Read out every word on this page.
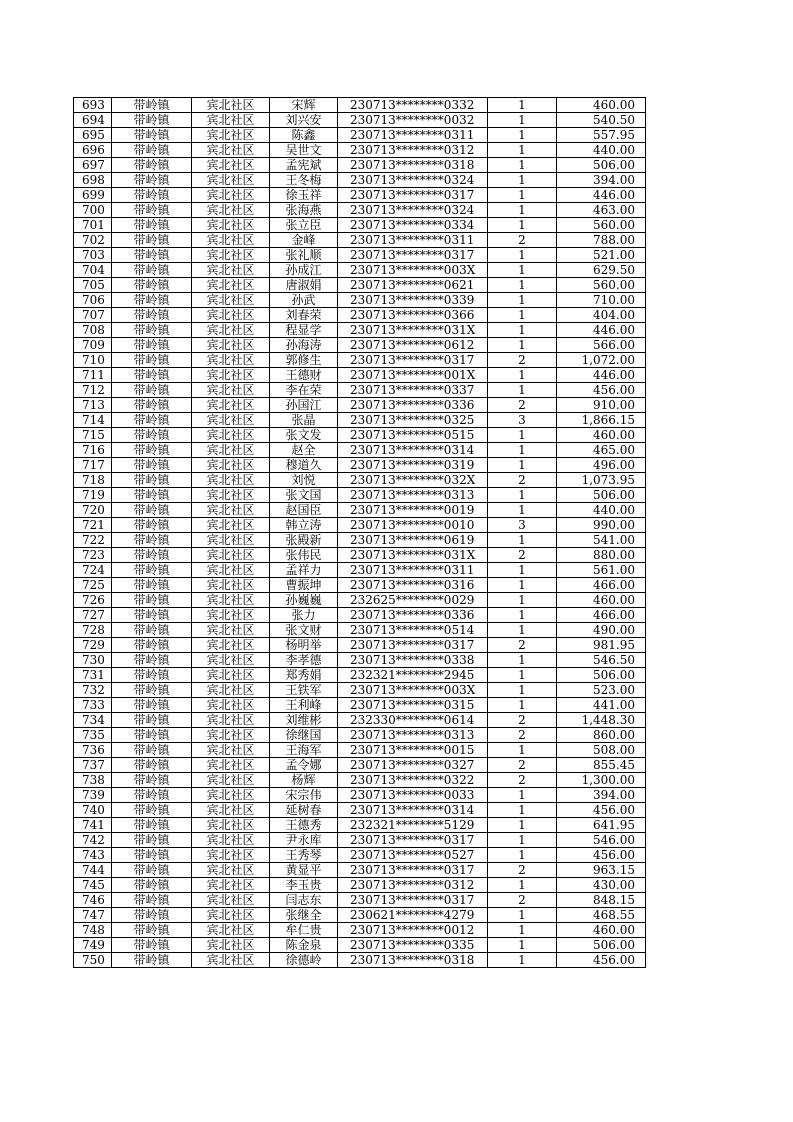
693	带岭镇	宾北社区	宋辉	230713********0332	1	460.00
694	带岭镇	宾北社区	刘兴安	230713********0032	1	540.50
695	带岭镇	宾北社区	陈鑫	230713********0311	1	557.95
696	带岭镇	宾北社区	吴世文	230713********0312	1	440.00
697	带岭镇	宾北社区	孟宪斌	230713********0318	1	506.00
698	带岭镇	宾北社区	王冬梅	230713********0324	1	394.00
699	带岭镇	宾北社区	徐玉祥	230713********0317	1	446.00
700	带岭镇	宾北社区	张海燕	230713********0324	1	463.00
701	带岭镇	宾北社区	张立臣	230713********0334	1	560.00
702	带岭镇	宾北社区	金峰	230713********0311	2	788.00
703	带岭镇	宾北社区	张礼顺	230713********0317	1	521.00
704	带岭镇	宾北社区	孙成江	230713********003X	1	629.50
705	带岭镇	宾北社区	唐淑娟	230713********0621	1	560.00
706	带岭镇	宾北社区	孙武	230713********0339	1	710.00
707	带岭镇	宾北社区	刘春荣	230713********0366	1	404.00
708	带岭镇	宾北社区	程显学	230713********031X	1	446.00
709	带岭镇	宾北社区	孙海涛	230713********0612	1	566.00
710	带岭镇	宾北社区	郭修生	230713********0317	2	1,072.00
711	带岭镇	宾北社区	王德财	230713********001X	1	446.00
712	带岭镇	宾北社区	李在荣	230713********0337	1	456.00
713	带岭镇	宾北社区	孙国江	230713********0336	2	910.00
714	带岭镇	宾北社区	张晶	230713********0325	3	1,866.15
715	带岭镇	宾北社区	张文发	230713********0515	1	460.00
716	带岭镇	宾北社区	赵全	230713********0314	1	465.00
717	带岭镇	宾北社区	穆道久	230713********0319	1	496.00
718	带岭镇	宾北社区	刘悦	230713********032X	2	1,073.95
719	带岭镇	宾北社区	张文国	230713********0313	1	506.00
720	带岭镇	宾北社区	赵国臣	230713********0019	1	440.00
721	带岭镇	宾北社区	韩立涛	230713********0010	3	990.00
722	带岭镇	宾北社区	张殿新	230713********0619	1	541.00
723	带岭镇	宾北社区	张伟民	230713********031X	2	880.00
724	带岭镇	宾北社区	孟祥力	230713********0311	1	561.00
725	带岭镇	宾北社区	曹振坤	230713********0316	1	466.00
726	带岭镇	宾北社区	孙巍巍	232625********0029	1	460.00
727	带岭镇	宾北社区	张力	230713********0336	1	466.00
728	带岭镇	宾北社区	张文财	230713********0514	1	490.00
729	带岭镇	宾北社区	杨明举	230713********0317	2	981.95
730	带岭镇	宾北社区	李孝德	230713********0338	1	546.50
731	带岭镇	宾北社区	郑秀娟	232321********2945	1	506.00
732	带岭镇	宾北社区	王铁军	230713********003X	1	523.00
733	带岭镇	宾北社区	王利峰	230713********0315	1	441.00
734	带岭镇	宾北社区	刘维彬	232330********0614	2	1,448.30
735	带岭镇	宾北社区	徐继国	230713********0313	2	860.00
736	带岭镇	宾北社区	王海军	230713********0015	1	508.00
737	带岭镇	宾北社区	孟令娜	230713********0327	2	855.45
738	带岭镇	宾北社区	杨辉	230713********0322	2	1,300.00
739	带岭镇	宾北社区	宋宗伟	230713********0033	1	394.00
740	带岭镇	宾北社区	延树春	230713********0314	1	456.00
741	带岭镇	宾北社区	王德秀	232321********5129	1	641.95
742	带岭镇	宾北社区	尹永库	230713********0317	1	546.00
743	带岭镇	宾北社区	王秀琴	230713********0527	1	456.00
744	带岭镇	宾北社区	黄显平	230713********0317	2	963.15
745	带岭镇	宾北社区	李玉贵	230713********0312	1	430.00
746	带岭镇	宾北社区	闫志东	230713********0317	2	848.15
747	带岭镇	宾北社区	张继全	230621********4279	1	468.55
748	带岭镇	宾北社区	牟仁贵	230713********0012	1	460.00
749	带岭镇	宾北社区	陈金泉	230713********0335	1	506.00
750	带岭镇	宾北社区	徐德岭	230713********0318	1	456.00
